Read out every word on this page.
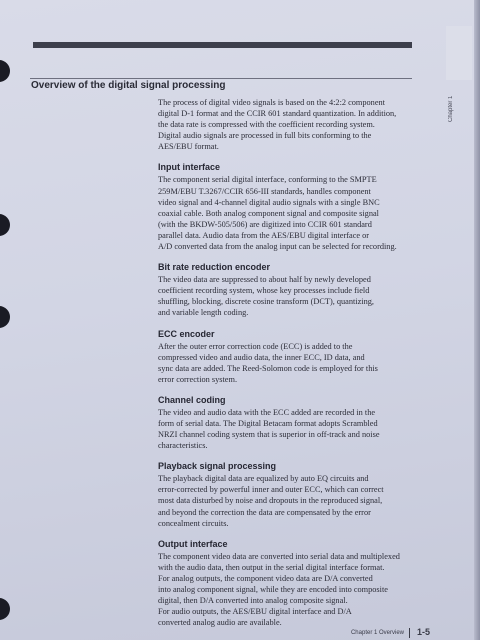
Chapter 1
Overview of the digital signal processing

The process of digital video signals is based on the 4:2:2 component
digital D-1 format and the CCIR 601 standard quantization. In addition,
the data rate is compressed with the coefficient recording system.
Digital audio signals are processed in full bits conforming to the
AES/EBU format.

Input interface

The component serial digital interface, conforming to the SMPTE
259M/EBU T.3267/CCIR 656-III standards, handles component
video signal and 4-channel digital audio signals with a single BNC
coaxial cable. Both analog component signal and composite signal
(with the BKDW-505/506) are digitized into CCIR 601 standard
parallel data. Audio data from the AES/EBU digital interface or
A/D converted data from the analog input can be selected for recording.

Bit rate reduction encoder

The video data are suppressed to about half by newly developed
coefficient recording system, whose key processes include field
shuffling, blocking, discrete cosine transform (DCT), quantizing,
and variable length coding.

ECC encoder

After the outer error correction code (ECC) is added to the
compressed video and audio data, the inner ECC, ID data, and
sync data are added. The Reed-Solomon code is employed for this
error correction system.

Channel coding

The video and audio data with the ECC added are recorded in the
form of serial data. The Digital Betacam format adopts Scrambled
NRZI channel coding system that is superior in off-track and noise
characteristics.

Playback signal processing

The playback digital data are equalized by auto EQ circuits and
error-corrected by powerful inner and outer ECC, which can correct
most data disturbed by noise and dropouts in the reproduced signal,
and beyond the correction the data are compensated by the error
concealment circuits.

Output interface

The component video data are converted into serial data and multiplexed
with the audio data, then output in the serial digital interface format.
For analog outputs, the component video data are D/A converted
into analog component signal, while they are encoded into composite
digital, then D/A converted into analog composite signal.
For audio outputs, the AES/EBU digital interface and D/A
converted analog audio are available.

Chapter 1 Overview 1-5
